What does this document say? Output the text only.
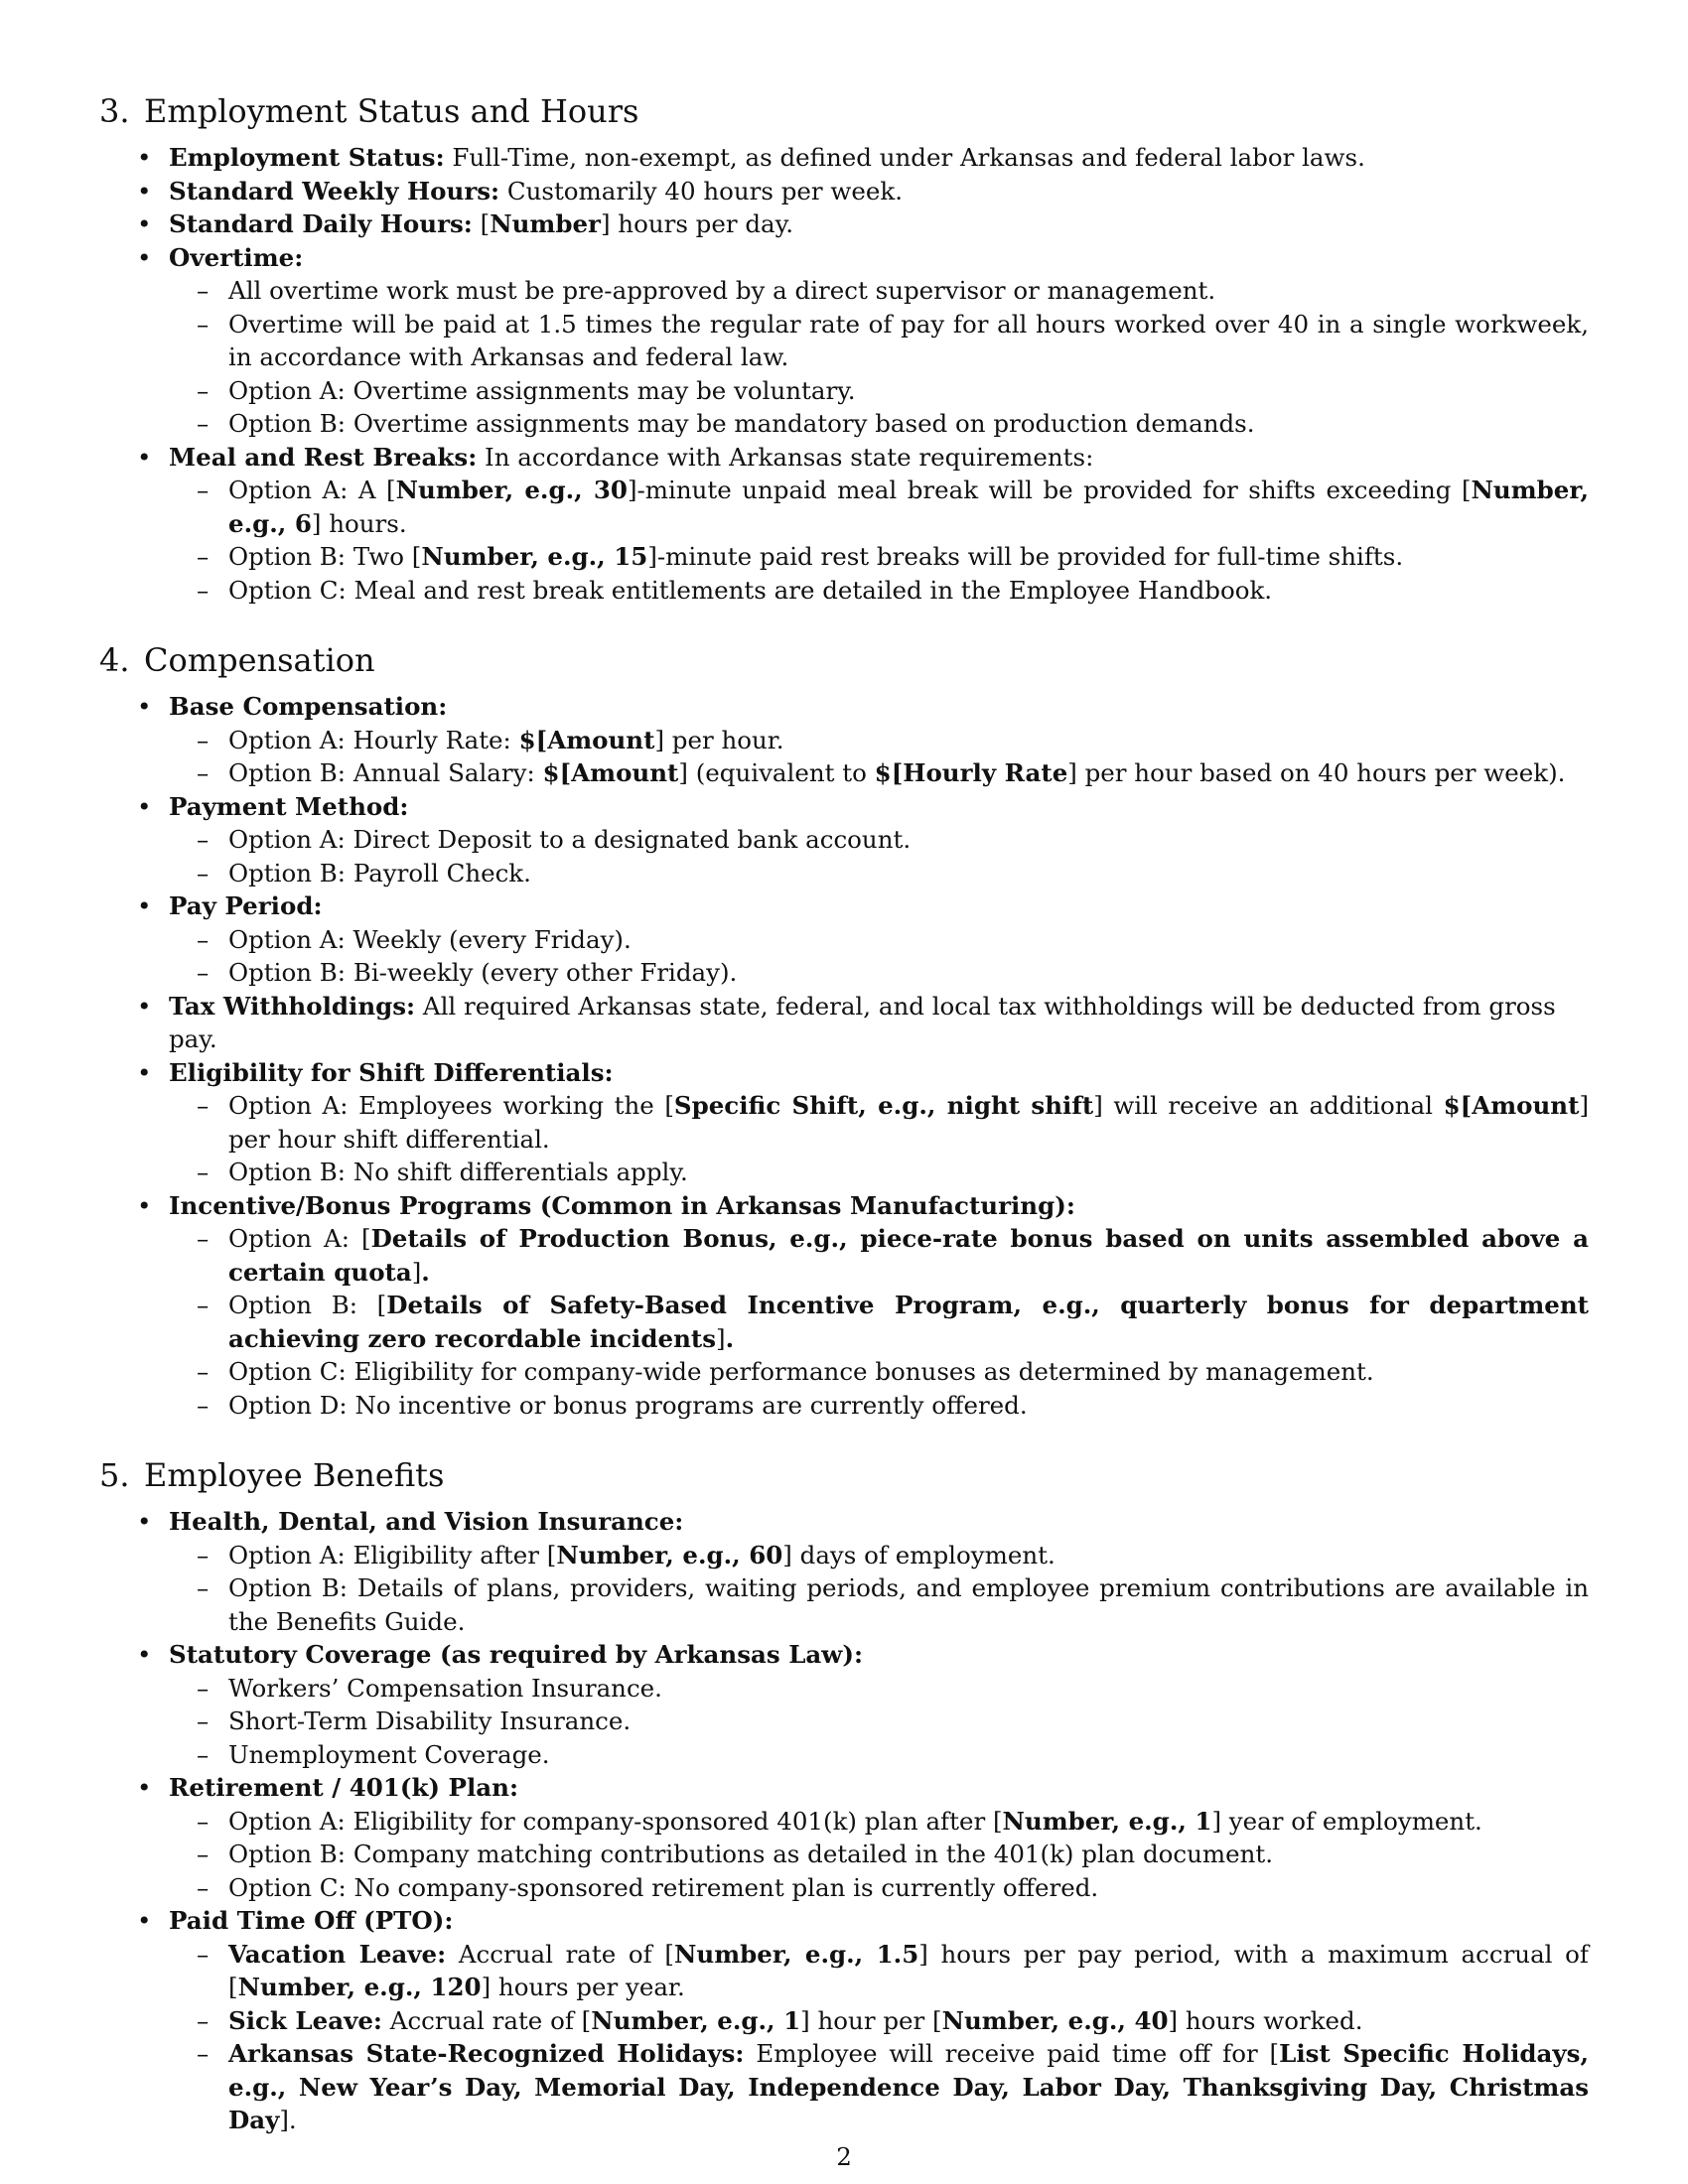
3. Employment Status and Hours
• Employment Status: Full-Time, non-exempt, as defined under Arkansas and federal labor laws.
• Standard Weekly Hours: Customarily 40 hours per week.
• Standard Daily Hours: [Number] hours per day.
• Overtime:
– All overtime work must be pre-approved by a direct supervisor or management.
– Overtime will be paid at 1.5 times the regular rate of pay for all hours worked over 40 in a single workweek, in accordance with Arkansas and federal law.
– Option A: Overtime assignments may be voluntary.
– Option B: Overtime assignments may be mandatory based on production demands.
• Meal and Rest Breaks: In accordance with Arkansas state requirements:
– Option A: A [Number, e.g., 30]-minute unpaid meal break will be provided for shifts exceeding [Number, e.g., 6] hours.
– Option B: Two [Number, e.g., 15]-minute paid rest breaks will be provided for full-time shifts.
– Option C: Meal and rest break entitlements are detailed in the Employee Handbook.
4. Compensation
• Base Compensation:
– Option A: Hourly Rate: $[Amount] per hour.
– Option B: Annual Salary: $[Amount] (equivalent to $[Hourly Rate] per hour based on 40 hours per week).
• Payment Method:
– Option A: Direct Deposit to a designated bank account.
– Option B: Payroll Check.
• Pay Period:
– Option A: Weekly (every Friday).
– Option B: Bi-weekly (every other Friday).
• Tax Withholdings: All required Arkansas state, federal, and local tax withholdings will be deducted from gross pay.
• Eligibility for Shift Differentials:
– Option A: Employees working the [Specific Shift, e.g., night shift] will receive an additional $[Amount] per hour shift differential.
– Option B: No shift differentials apply.
• Incentive/Bonus Programs (Common in Arkansas Manufacturing):
– Option A: [Details of Production Bonus, e.g., piece-rate bonus based on units assembled above a certain quota].
– Option B: [Details of Safety-Based Incentive Program, e.g., quarterly bonus for department achieving zero recordable incidents].
– Option C: Eligibility for company-wide performance bonuses as determined by management.
– Option D: No incentive or bonus programs are currently offered.
5. Employee Benefits
• Health, Dental, and Vision Insurance:
– Option A: Eligibility after [Number, e.g., 60] days of employment.
– Option B: Details of plans, providers, waiting periods, and employee premium contributions are available in the Benefits Guide.
• Statutory Coverage (as required by Arkansas Law):
– Workers’ Compensation Insurance.
– Short-Term Disability Insurance.
– Unemployment Coverage.
• Retirement / 401(k) Plan:
– Option A: Eligibility for company-sponsored 401(k) plan after [Number, e.g., 1] year of employment.
– Option B: Company matching contributions as detailed in the 401(k) plan document.
– Option C: No company-sponsored retirement plan is currently offered.
• Paid Time Off (PTO):
– Vacation Leave: Accrual rate of [Number, e.g., 1.5] hours per pay period, with a maximum accrual of [Number, e.g., 120] hours per year.
– Sick Leave: Accrual rate of [Number, e.g., 1] hour per [Number, e.g., 40] hours worked.
– Arkansas State-Recognized Holidays: Employee will receive paid time off for [List Specific Holidays, e.g., New Year’s Day, Memorial Day, Independence Day, Labor Day, Thanksgiving Day, Christmas Day].
2
